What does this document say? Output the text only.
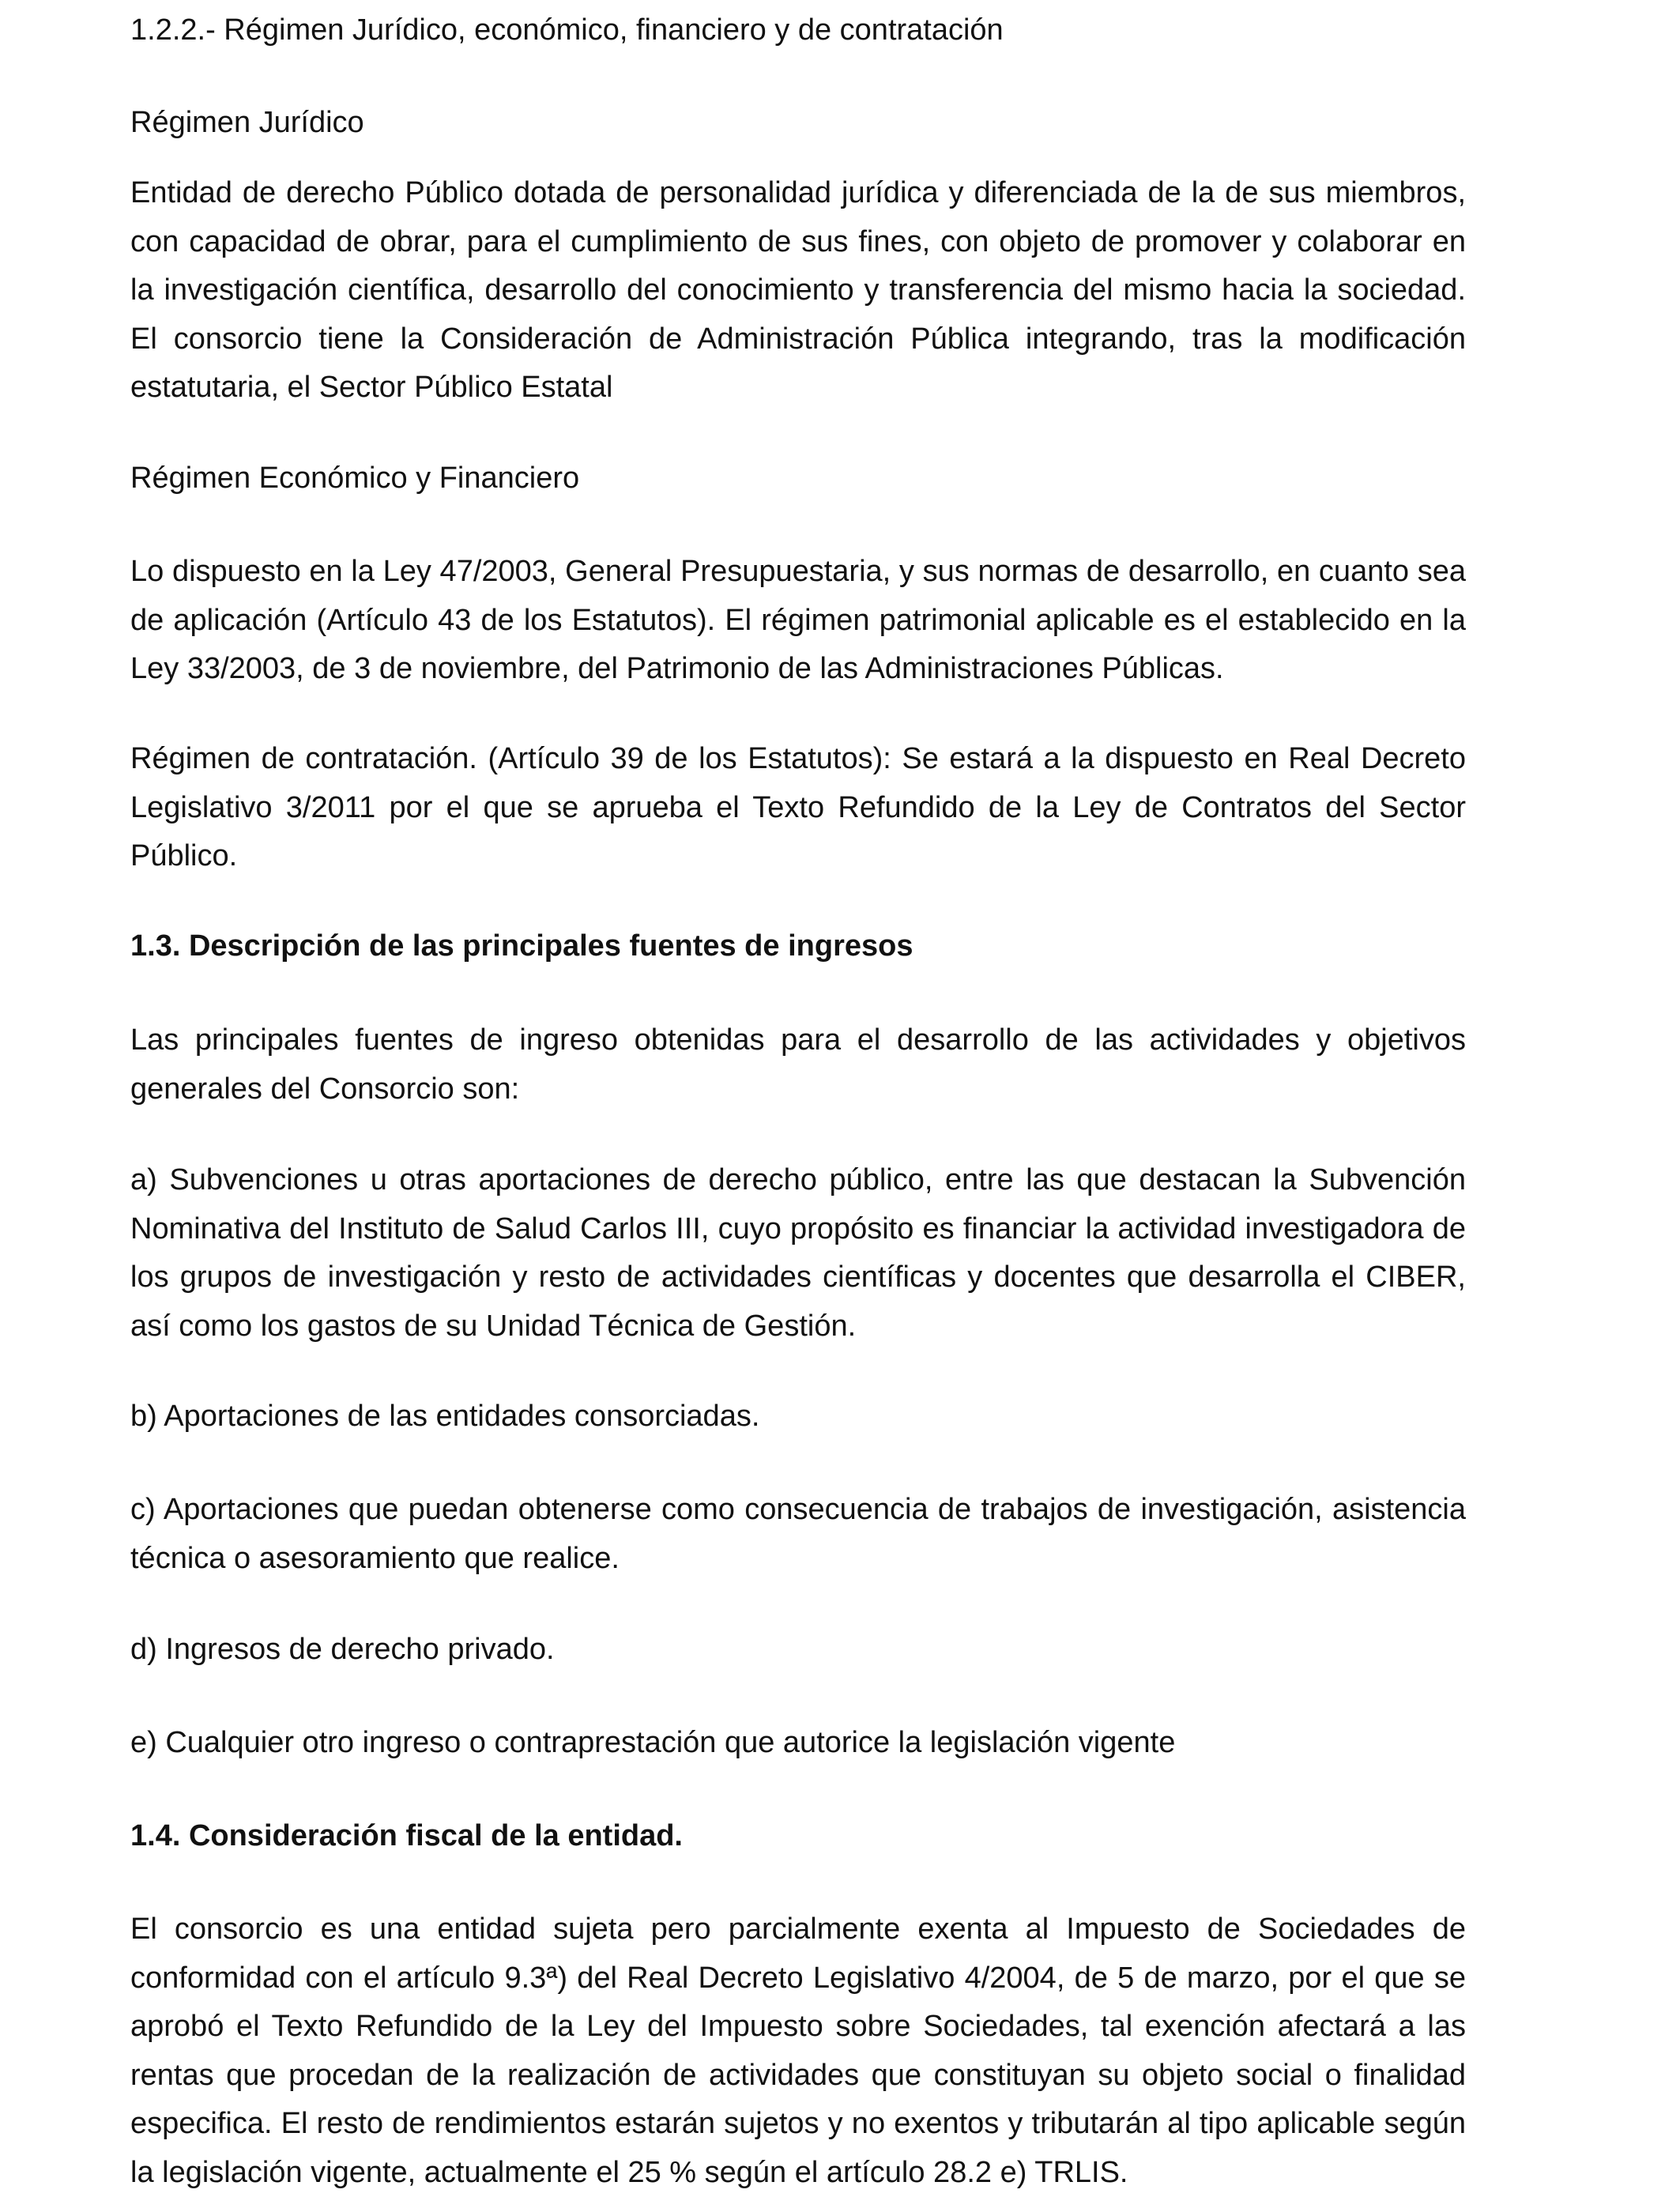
1.2.2.- Régimen Jurídico, económico, financiero y de contratación

Régimen Jurídico

Entidad de derecho Público dotada de personalidad jurídica y diferenciada de la de sus miembros, con capacidad de obrar, para el cumplimiento de sus fines, con objeto de promover y colaborar en la investigación científica, desarrollo del conocimiento y transferencia del mismo hacia la sociedad. El consorcio tiene la Consideración de Administración Pública integrando, tras la modificación estatutaria, el Sector Público Estatal

Régimen Económico y Financiero

Lo dispuesto en la Ley 47/2003, General Presupuestaria, y sus normas de desarrollo, en cuanto sea de aplicación (Artículo 43 de los Estatutos). El régimen patrimonial aplicable es el establecido en la Ley 33/2003, de 3 de noviembre, del Patrimonio de las Administraciones Públicas.

Régimen de contratación. (Artículo 39 de los Estatutos): Se estará a la dispuesto en Real Decreto Legislativo 3/2011 por el que se aprueba el Texto Refundido de la Ley de Contratos del Sector Público.

1.3. Descripción de las principales fuentes de ingresos

Las principales fuentes de ingreso obtenidas para el desarrollo de las actividades y objetivos generales del Consorcio son:

a) Subvenciones u otras aportaciones de derecho público, entre las que destacan la Subvención Nominativa del Instituto de Salud Carlos III, cuyo propósito es financiar la actividad investigadora de los grupos de investigación y resto de actividades científicas y docentes que desarrolla el CIBER, así como los gastos de su Unidad Técnica de Gestión.

b) Aportaciones de las entidades consorciadas.

c) Aportaciones que puedan obtenerse como consecuencia de trabajos de investigación, asistencia técnica o asesoramiento que realice.

d) Ingresos de derecho privado.

e) Cualquier otro ingreso o contraprestación que autorice la legislación vigente

1.4. Consideración fiscal de la entidad.

El consorcio es una entidad sujeta pero parcialmente exenta al Impuesto de Sociedades de conformidad con el artículo 9.3ª) del Real Decreto Legislativo 4/2004, de 5 de marzo, por el que se aprobó el Texto Refundido de la Ley del Impuesto sobre Sociedades, tal exención afectará a las rentas que procedan de la realización de actividades que constituyan su objeto social o finalidad especifica. El resto de rendimientos estarán sujetos y no exentos y tributarán al tipo aplicable según la legislación vigente, actualmente el 25 % según el artículo 28.2 e) TRLIS.
